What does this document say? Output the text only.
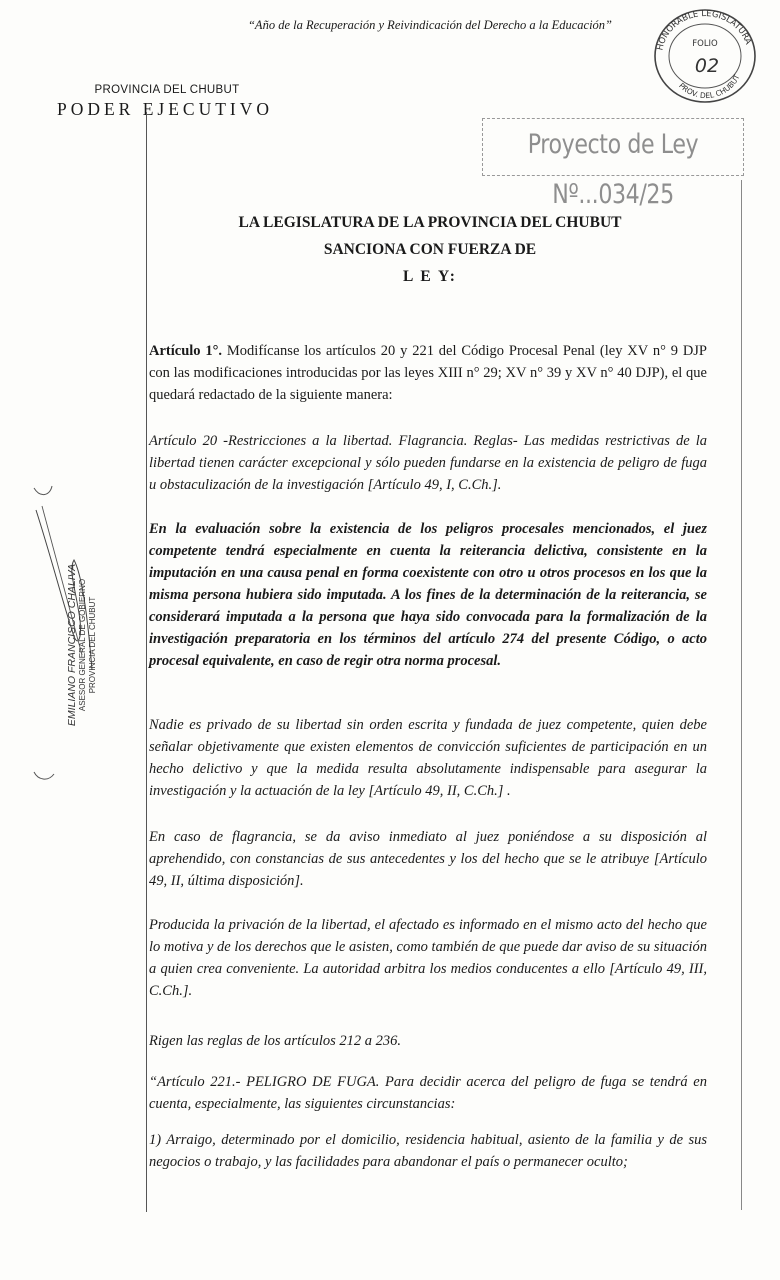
“Año de la Recuperación y Reivindicación del Derecho a la Educación”
HONORABLE LEGISLATURA
PROV. DEL CHUBUT
FOLIO
02
PROVINCIA DEL CHUBUT
PODER EJECUTIVO
Proyecto de Ley Nº...034/25
LA LEGISLATURA DE LA PROVINCIA DEL CHUBUT
SANCIONA CON FUERZA DE
L E Y:
EMILIANO FRANCISCO CHALIVA ASESOR GENERAL DE GOBIERNO PROVINCIA DEL CHUBUT
Artículo 1°. Modifícanse los artículos 20 y 221 del Código Procesal Penal (ley XV n° 9 DJP con las modificaciones introducidas por las leyes XIII n° 29; XV n° 39 y XV n° 40 DJP), el que quedará redactado de la siguiente manera:
Artículo 20 -Restricciones a la libertad. Flagrancia. Reglas- Las medidas restrictivas de la libertad tienen carácter excepcional y sólo pueden fundarse en la existencia de peligro de fuga u obstaculización de la investigación [Artículo 49, I, C.Ch.].
En la evaluación sobre la existencia de los peligros procesales mencionados, el juez competente tendrá especialmente en cuenta la reiterancia delictiva, consistente en la imputación en una causa penal en forma coexistente con otro u otros procesos en los que la misma persona hubiera sido imputada. A los fines de la determinación de la reiterancia, se considerará imputada a la persona que haya sido convocada para la formalización de la investigación preparatoria en los términos del artículo 274 del presente Código, o acto procesal equivalente, en caso de regir otra norma procesal.
Nadie es privado de su libertad sin orden escrita y fundada de juez competente, quien debe señalar objetivamente que existen elementos de convicción suficientes de participación en un hecho delictivo y que la medida resulta absolutamente indispensable para asegurar la investigación y la actuación de la ley [Artículo 49, II, C.Ch.] .
En caso de flagrancia, se da aviso inmediato al juez poniéndose a su disposición al aprehendido, con constancias de sus antecedentes y los del hecho que se le atribuye [Artículo 49, II, última disposición].
Producida la privación de la libertad, el afectado es informado en el mismo acto del hecho que lo motiva y de los derechos que le asisten, como también de que puede dar aviso de su situación a quien crea conveniente. La autoridad arbitra los medios conducentes a ello [Artículo 49, III, C.Ch.].
Rigen las reglas de los artículos 212 a 236.
“Artículo 221.- PELIGRO DE FUGA. Para decidir acerca del peligro de fuga se tendrá en cuenta, especialmente, las siguientes circunstancias:
1) Arraigo, determinado por el domicilio, residencia habitual, asiento de la familia y de sus negocios o trabajo, y las facilidades para abandonar el país o permanecer oculto;
